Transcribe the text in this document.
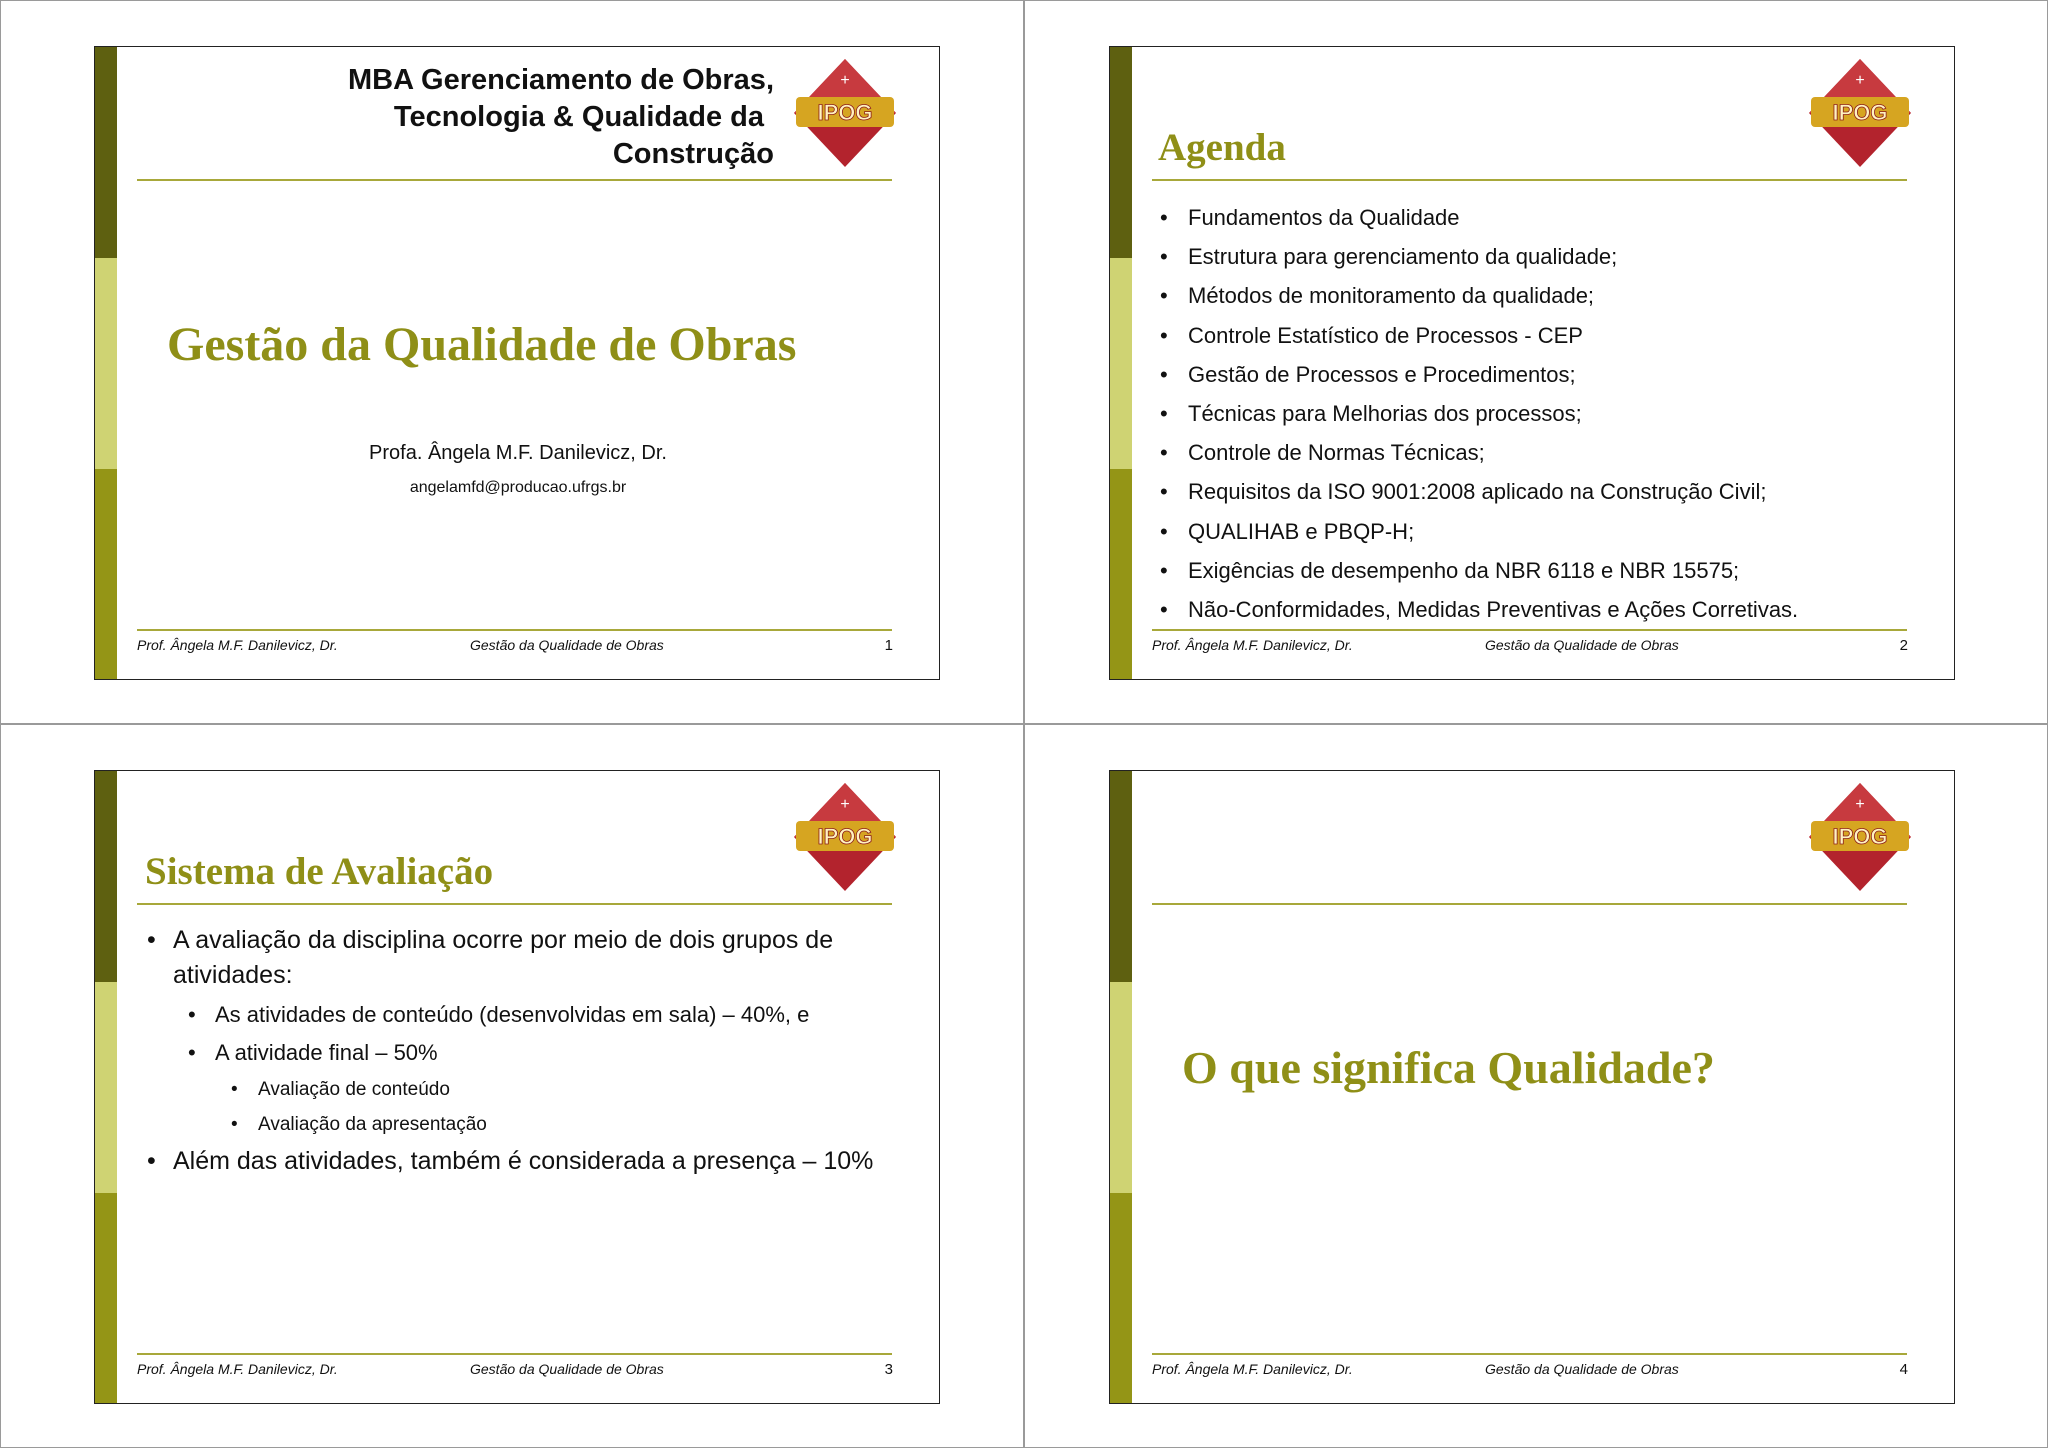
MBA Gerenciamento de Obras,
Tecnologia & Qualidade da
Construção
IPOG
+
Gestão da Qualidade de Obras
Profa. Ângela M.F. Danilevicz, Dr.
angelamfd@producao.ufrgs.br
Prof. Ângela M.F. Danilevicz, Dr.	Gestão da Qualidade de Obras	1
Agenda
IPOG
+
• Fundamentos da Qualidade
• Estrutura para gerenciamento da qualidade;
• Métodos de monitoramento da qualidade;
• Controle Estatístico de Processos - CEP
• Gestão de Processos e Procedimentos;
• Técnicas para Melhorias dos processos;
• Controle de Normas Técnicas;
• Requisitos da ISO 9001:2008 aplicado na Construção Civil;
• QUALIHAB e PBQP-H;
• Exigências de desempenho da NBR 6118 e NBR 15575;
• Não-Conformidades, Medidas Preventivas e Ações Corretivas.
Prof. Ângela M.F. Danilevicz, Dr.	Gestão da Qualidade de Obras	2
Sistema de Avaliação
IPOG
+
• A avaliação da disciplina ocorre por meio de dois grupos de atividades:
• As atividades de conteúdo (desenvolvidas em sala) – 40%, e
• A atividade final – 50%
• Avaliação de conteúdo
• Avaliação da apresentação
• Além das atividades, também é considerada a presença – 10%
Prof. Ângela M.F. Danilevicz, Dr.	Gestão da Qualidade de Obras	3
IPOG
+
O que significa Qualidade?
Prof. Ângela M.F. Danilevicz, Dr.	Gestão da Qualidade de Obras	4
